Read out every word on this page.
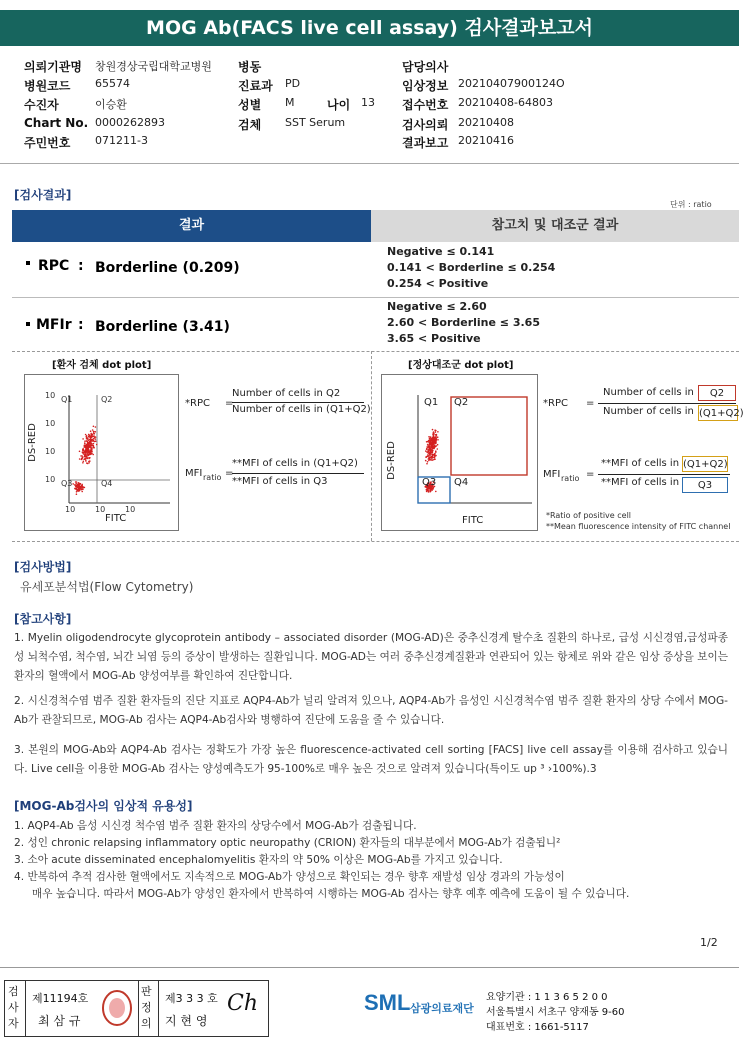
MOG Ab(FACS live cell assay) 검사결과보고서
의뢰기관명 창원경상국립대학교병원
병원코드 65574
수진자	이승환
Chart No. 0000262893
주민번호 071211-3
병동
진료과 PD
성별 M	나이 13
검체 SST Serum
담당의사
임상정보 20210407900124O
접수번호 20210408-64803
검사의뢰 20210408
결과보고 20210416
[검사결과]
단위 : ratio
결과	참고치 및 대조군 결과
RPC : Borderline (0.209)
Negative ≤ 0.141
0.141 < Borderline ≤ 0.254
0.254 < Positive
MFIr : Borderline (3.41)
Negative ≤ 2.60
2.60 < Borderline ≤ 3.65
3.65 < Positive
[환자 검체 dot plot]
Q1	Q2
Q3	Q4
10
10
10
10
10 10 10
DS-RED
FITC
*RPC =
Number of cells in Q2
Number of cells in (Q1+Q2)
MFI ratio =
**MFI of cells in (Q1+Q2)
**MFI of cells in Q3
[정상대조군 dot plot]
Q1 Q2
Q3 Q4
DS-RED
FITC
*RPC =
Number of cells in	Q2
Number of cells in (Q1+Q2)
MFI ratio =
**MFI of cells in (Q1+Q2)
**MFI of cells in	Q3
*Ratio of positive cell
**Mean fluorescence intensity of FITC channel
[검사방법]
유세포분석법(Flow Cytometry)
[참고사항]
1. Myelin oligodendrocyte glycoprotein antibody – associated disorder (MOG-AD)은 중추신경계 탈수초 질환의 하나로, 급성 시신경염,급성파종성 뇌척수염, 척수염, 뇌간 뇌염 등의 증상이 발생하는 질환입니다. MOG-AD는 여러 중추신경계질환과 연관되어 있는 항체로 위와 같은 임상 증상을 보이는 환자의 혈액에서 MOG-Ab 양성여부를 확인하여 진단합니다.
2. 시신경척수염 범주 질환 환자들의 진단 지표로 AQP4-Ab가 널리 알려져 있으나, AQP4-Ab가 음성인 시신경척수염 범주 질환 환자의 상당 수에서 MOG-Ab가 관찰되므로, MOG-Ab 검사는 AQP4-Ab검사와 병행하여 진단에 도움을 줄 수 있습니다.
3. 본원의 MOG-Ab와 AQP4-Ab 검사는 정확도가 가장 높은 fluorescence-activated cell sorting [FACS] live cell assay를 이용해 검사하고 있습니다. Live cell을 이용한 MOG-Ab 검사는 양성예측도가 95-100%로 매우 높은 것으로 알려져 있습니다(특이도 up ³ ›100%).3
[MOG-Ab검사의 임상적 유용성]
1. AQP4-Ab 음성 시신경 척수염 범주 질환 환자의 상당수에서 MOG-Ab가 검출됩니다.
2. 성인 chronic relapsing inflammatory optic neuropathy (CRION) 환자들의 대부분에서 MOG-Ab가 검출됩니²
3. 소아 acute disseminated encephalomyelitis 환자의 약 50% 이상은 MOG-Ab를 가지고 있습니다.
4. 반복하여 추적 검사한 혈액에서도 지속적으로 MOG-Ab가 양성으로 확인되는 경우 향후 재발성 임상 경과의 가능성이
매우 높습니다. 따라서 MOG-Ab가 양성인 환자에서 반복하여 시행하는 MOG-Ab 검사는 향후 예후 예측에 도움이 될 수 있습니다.
1/2
검사자
제11194호
최 삼 규
판정의
제3 3 3 호
지 현 영
Ch	SML 삼광의료재단
요양기관 : 1 1 3 6 5 2 0 0
서울특별시 서초구 양재동 9-60
대표번호 : 1661-5117
